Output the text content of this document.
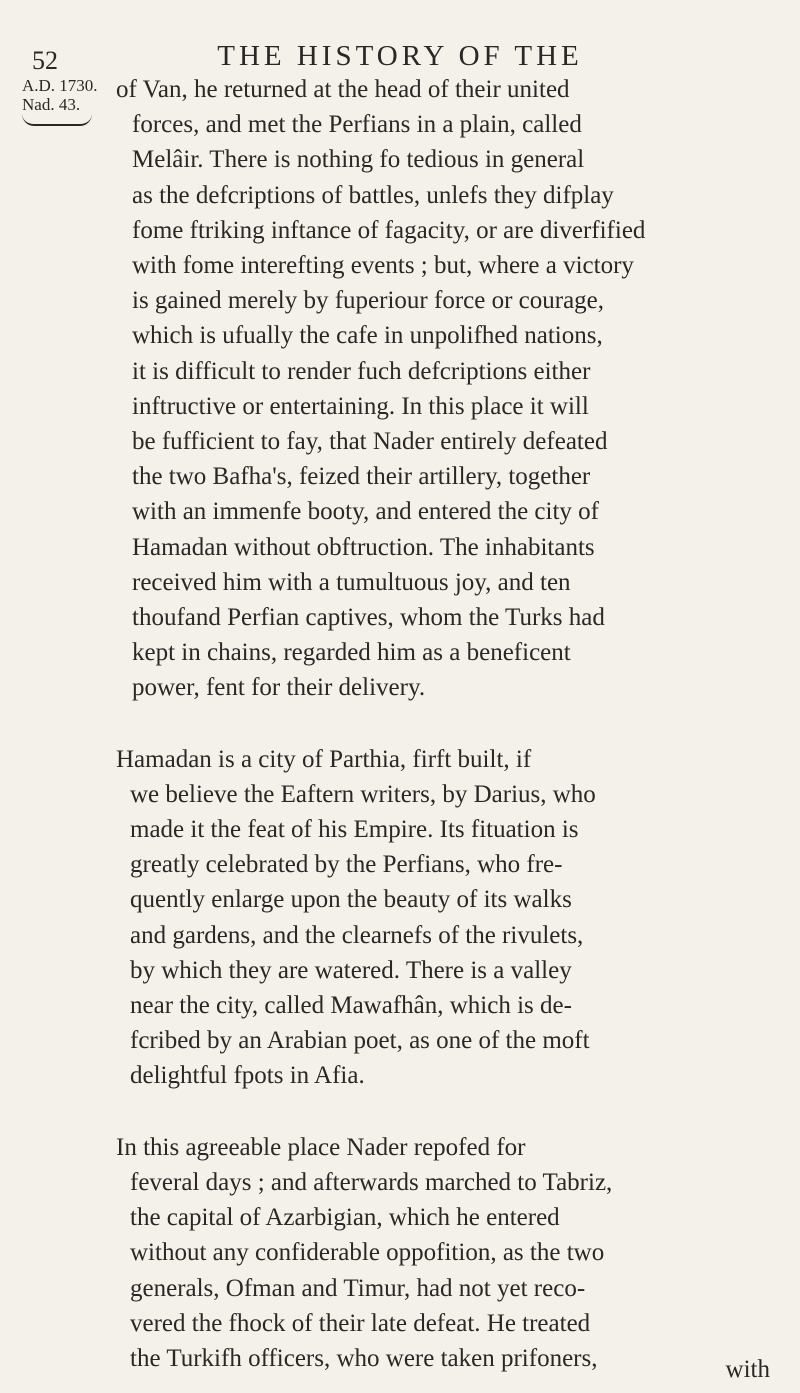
52	THE HISTORY OF THE
A.D. 1730.
Nad. 43.
of Van, he returned at the head of their united
forces, and met the Perfians in a plain, called
Melâir. There is nothing fo tedious in general
as the defcriptions of battles, unlefs they difplay
fome ftriking inftance of fagacity, or are diverfified
with fome interefting events ; but, where a victory
is gained merely by fuperiour force or courage,
which is ufually the cafe in unpolifhed nations,
it is difficult to render fuch defcriptions either
inftructive or entertaining. In this place it will
be fufficient to fay, that Nader entirely defeated
the two Bafha's, feized their artillery, together
with an immenfe booty, and entered the city of
Hamadan without obftruction. The inhabitants
received him with a tumultuous joy, and ten
thoufand Perfian captives, whom the Turks had
kept in chains, regarded him as a beneficent
power, fent for their delivery.
Hamadan is a city of Parthia, firft built, if
we believe the Eaftern writers, by Darius, who
made it the feat of his Empire. Its fituation is
greatly celebrated by the Perfians, who fre-
quently enlarge upon the beauty of its walks
and gardens, and the clearnefs of the rivulets,
by which they are watered. There is a valley
near the city, called Mawafhân, which is de-
fcribed by an Arabian poet, as one of the moft
delightful fpots in Afia.
In this agreeable place Nader repofed for
feveral days ; and afterwards marched to Tabriz,
the capital of Azarbigian, which he entered
without any confiderable oppofition, as the two
generals, Ofman and Timur, had not yet reco-
vered the fhock of their late defeat. He treated
the Turkifh officers, who were taken prifoners,	with
